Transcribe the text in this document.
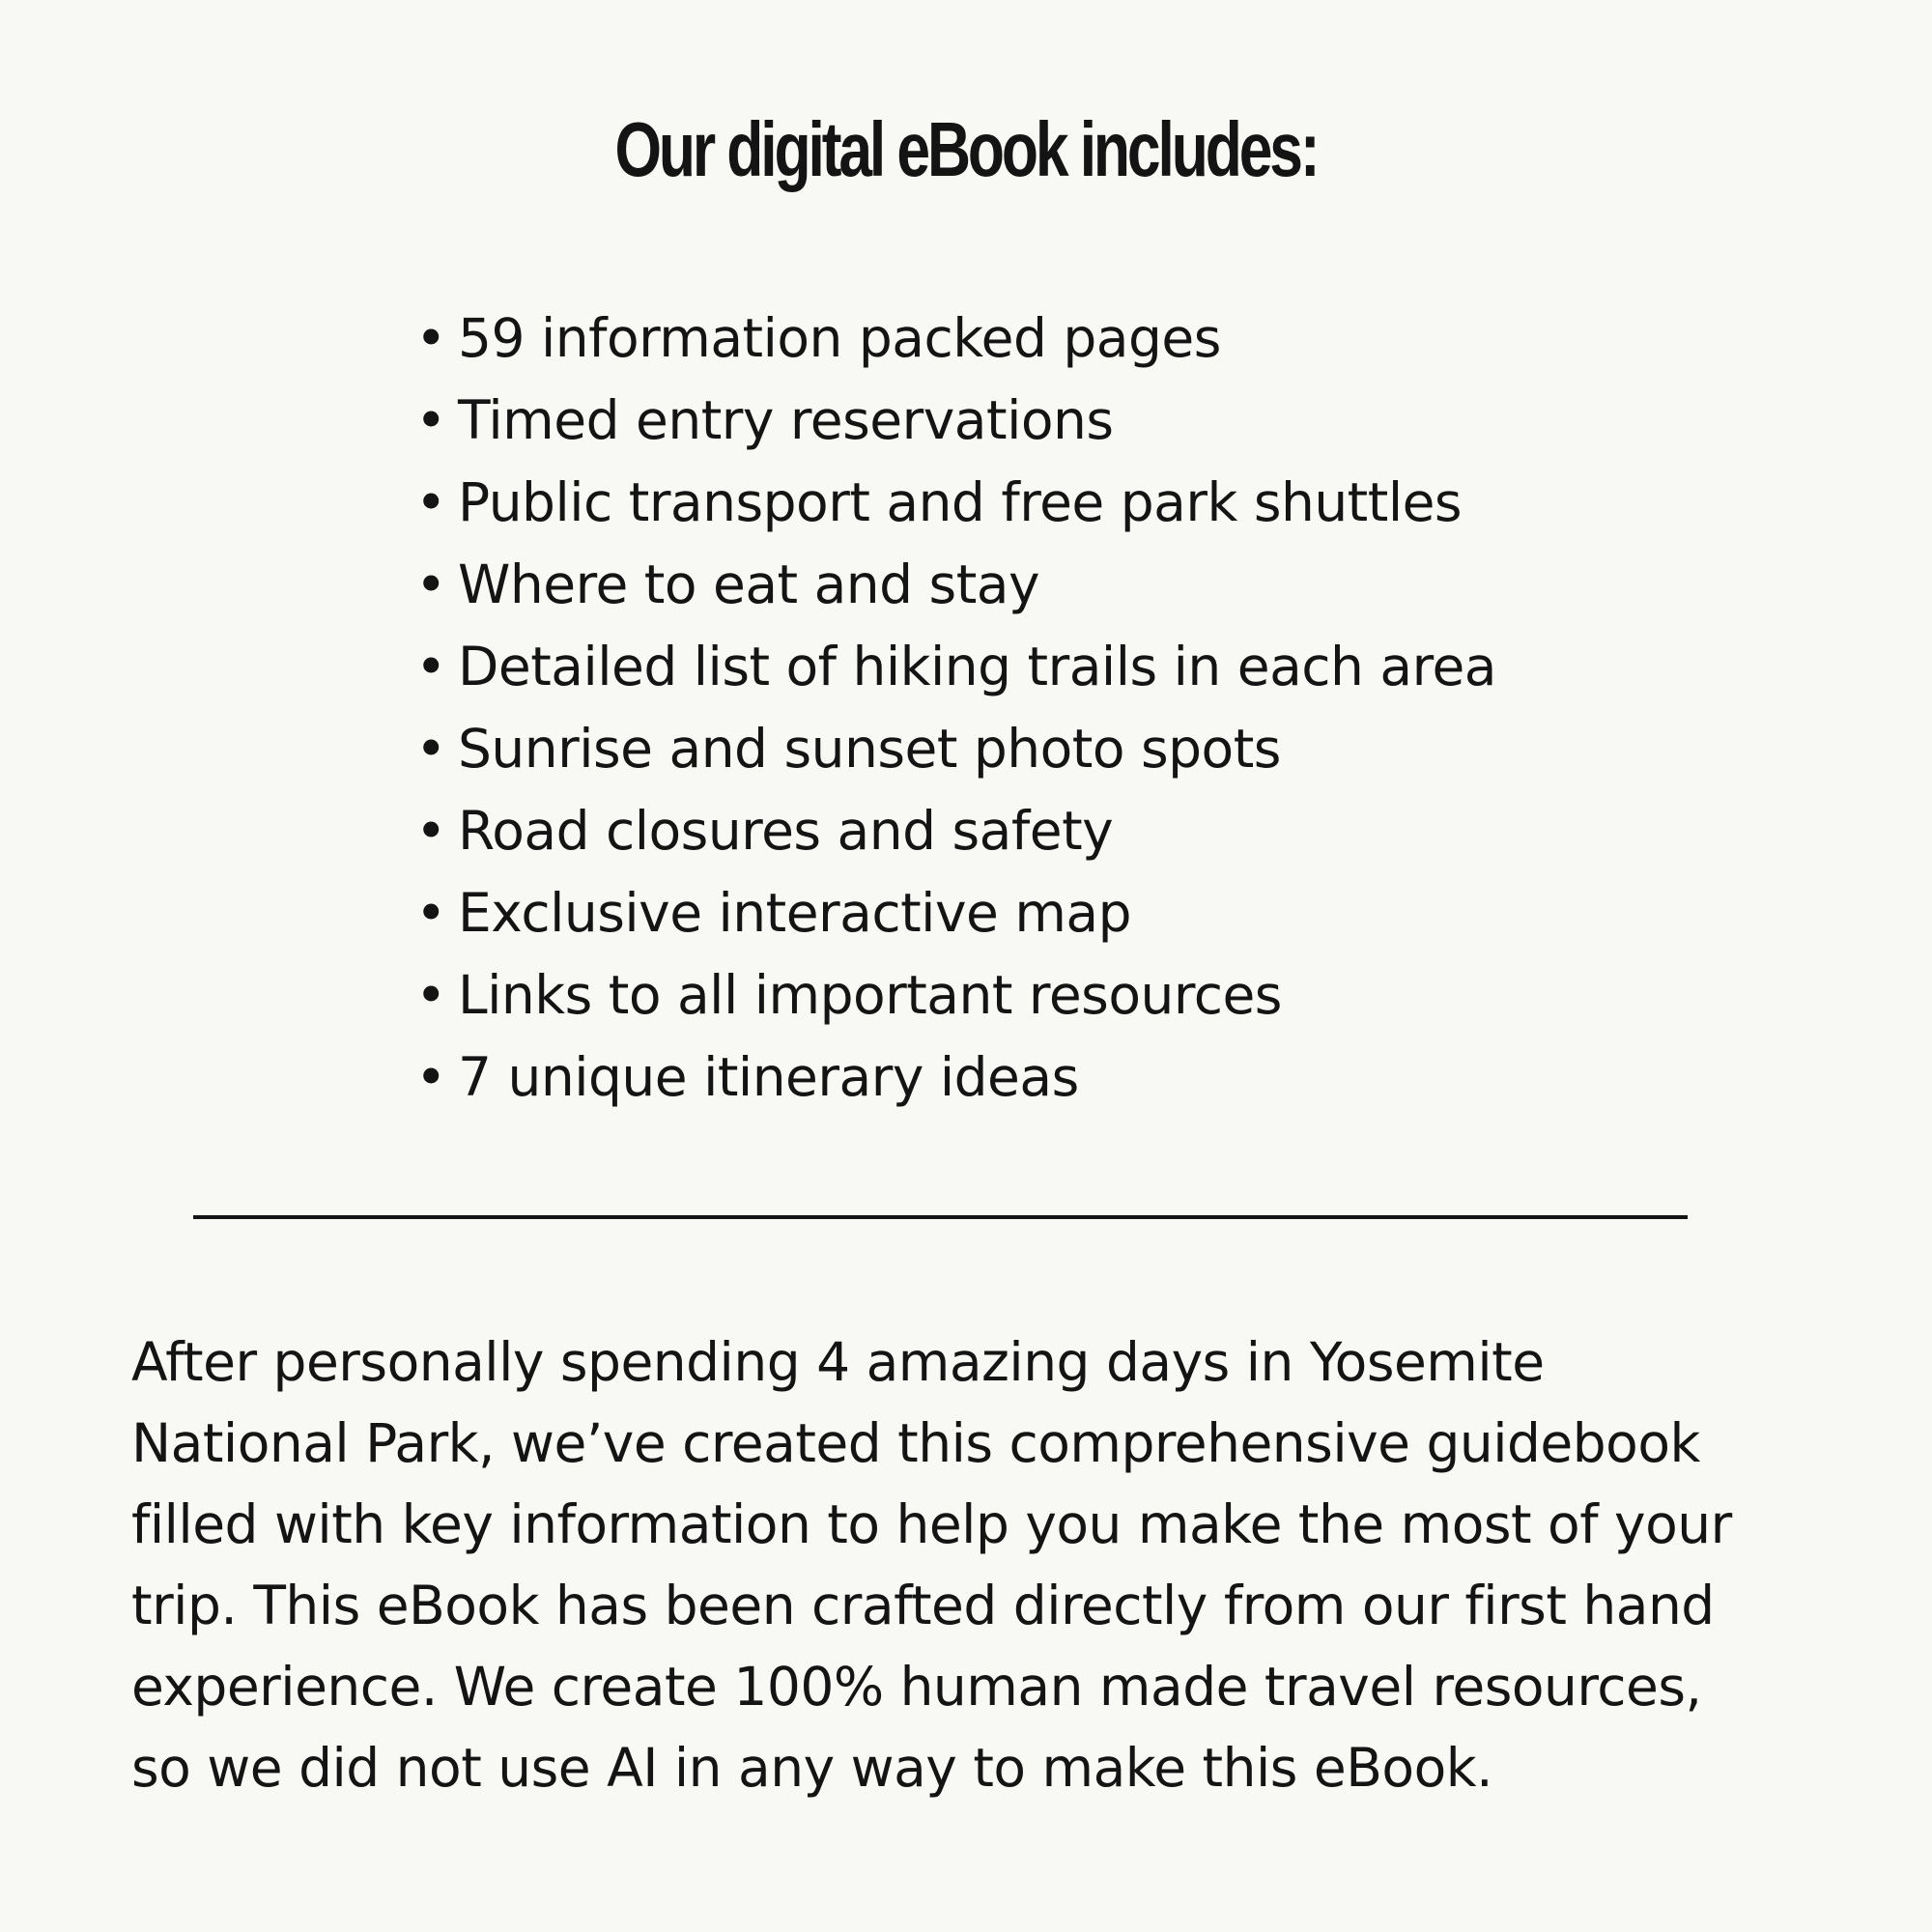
Our digital eBook includes:
• 59 information packed pages
• Timed entry reservations
• Public transport and free park shuttles
• Where to eat and stay
• Detailed list of hiking trails in each area
• Sunrise and sunset photo spots
• Road closures and safety
• Exclusive interactive map
• Links to all important resources
• 7 unique itinerary ideas

After personally spending 4 amazing days in Yosemite
National Park, we’ve created this comprehensive guidebook
filled with key information to help you make the most of your
trip. This eBook has been crafted directly from our first hand
experience. We create 100% human made travel resources,
so we did not use AI in any way to make this eBook.
